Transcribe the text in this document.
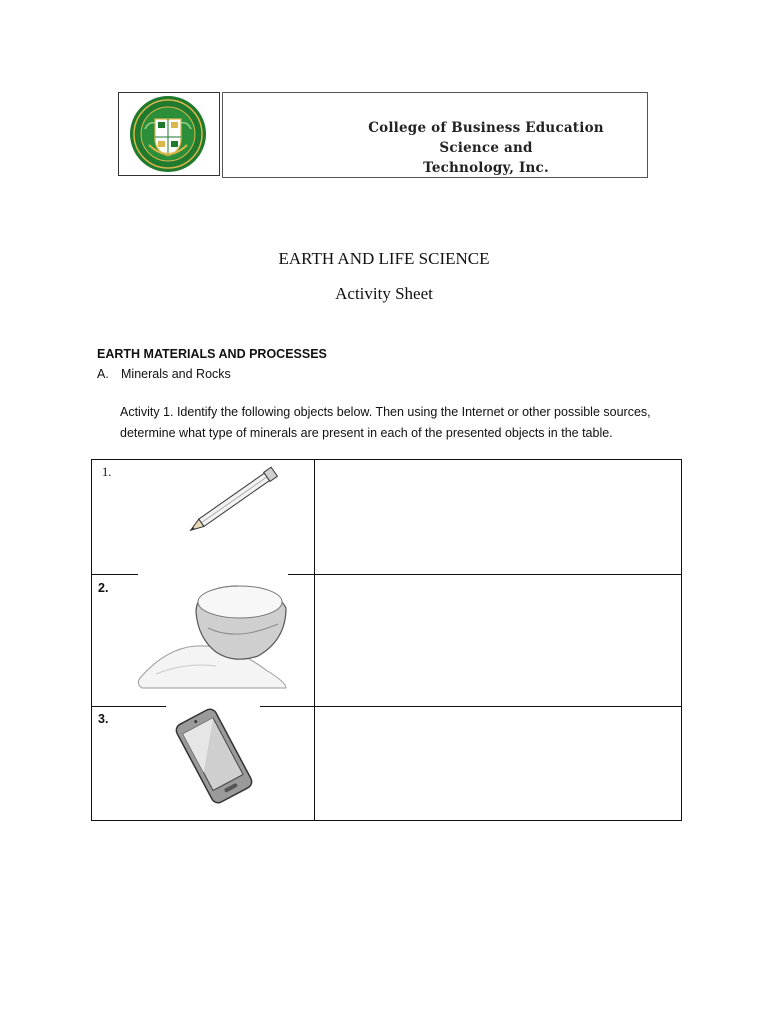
College of Business Education Science and
Technology, Inc.
EARTH AND LIFE SCIENCE
Activity Sheet
EARTH MATERIALS AND PROCESSES
A. Minerals and Rocks
Activity 1. Identify the following objects below. Then using the Internet or other possible sources, determine what type of minerals are present in each of the presented objects in the table.
1.
2.
3.
